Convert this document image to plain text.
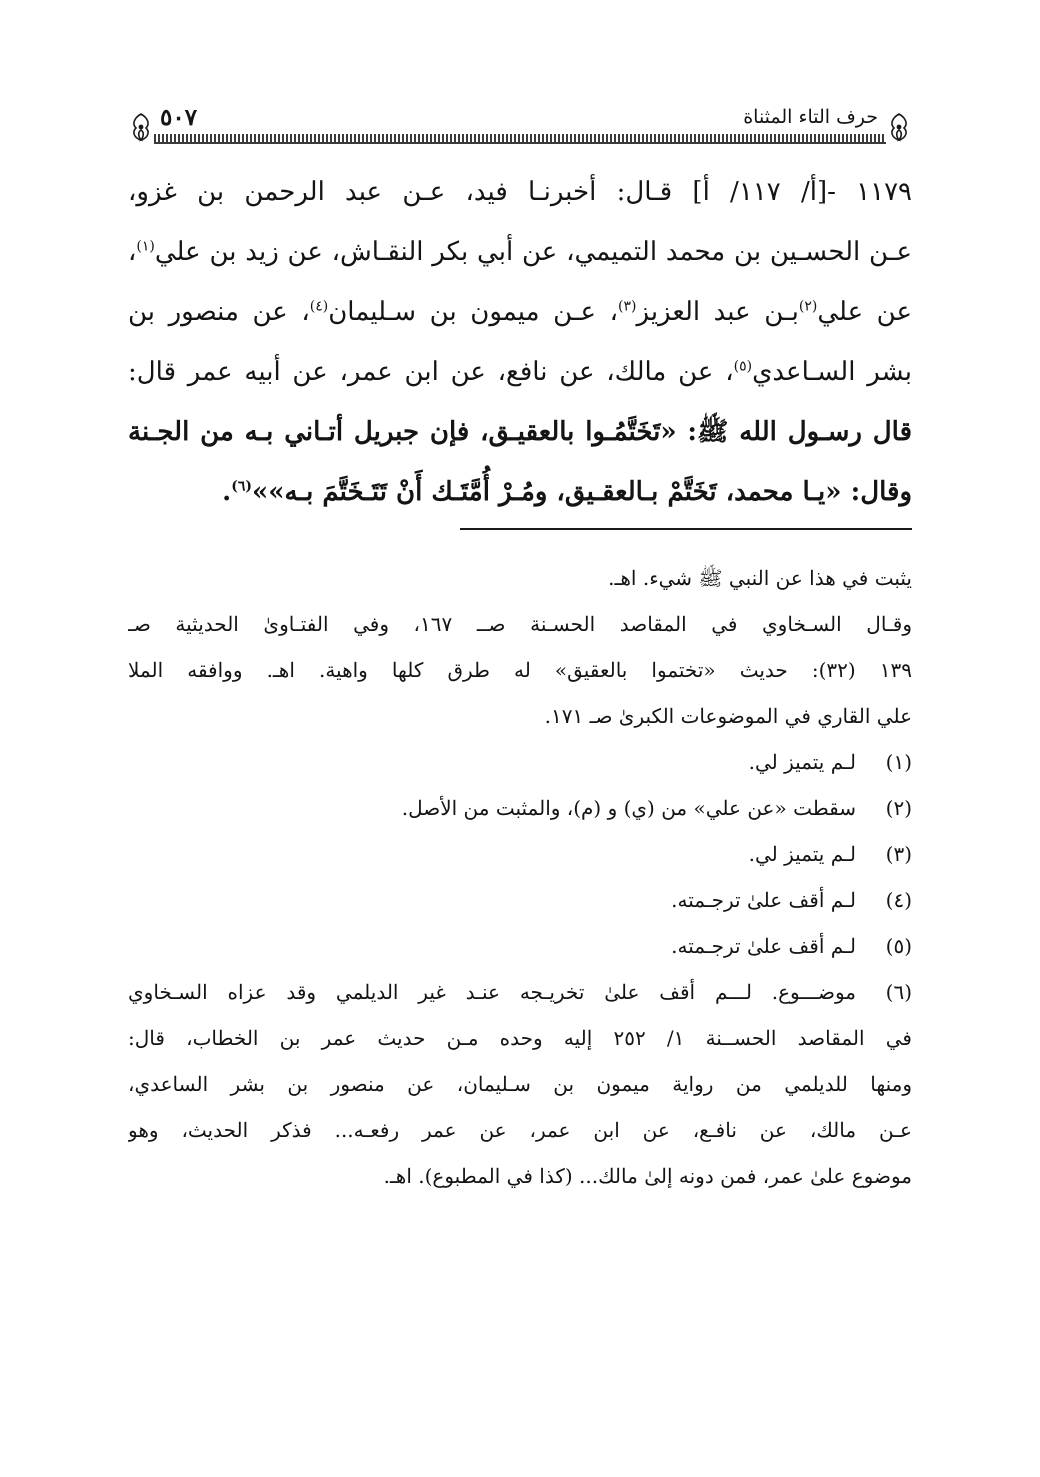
حرف التاء المثناة
٥٠٧
١١٧٩ -[أ/ ١١٧/ أ] قـال: أخبرنـا فيد، عـن عبد الرحمن بن غزو،
عـن الحسـين بن محمد التميمي، عن أبي بكر النقـاش، عن زيد بن علي$^{(١)}$،
عن علي$^{(٢)}$بـن عبد العزيز$^{(٣)}$، عـن ميمون بن سـليمان$^{(٤)}$، عن منصور بن
بشر السـاعدي$^{(٥)}$، عن مالك، عن نافع، عن ابن عمر، عن أبيه عمر قال:
قال رسـول الله ﷺ: «تَخَتَّمُـوا بالعقيـق، فإن جبريل أتـاني بـه من الجـنة
وقال: «يـا محمد، تَخَتَّمْ بـالعقـيق، ومُـرْ أُمَّتَـك أَنْ تَتَـخَتَّمَ بـه»»$^{(٦)}$.
يثبت في هذا عن النبي ﷺ شيء. اهـ.
وقـال السـخاوي في المقاصد الحسـنة صــ ١٦٧، وفي الفتـاوىٰ الحديثية صـ
١٣٩ (٣٢): حديث «تختموا بالعقيق» له طرق كلها واهية. اهـ. ووافقه الملا
علي القاري في الموضوعات الكبرىٰ صـ ١٧١.
(١)
لـم يتميز لي.
(٢)
سقطت «عن علي» من (ي) و (م)، والمثبت من الأصل.
(٣)
لـم يتميز لي.
(٤)
لـم أقف علىٰ ترجـمته.
(٥)
لـم أقف علىٰ ترجـمته.
(٦)
موضـــوع. لـــم أقف علىٰ تخريـجه عنـد غير الديلمي وقد عزاه السـخاوي
في المقاصد الحســنة ١/ ٢٥٢ إليه وحده مـن حديث عمر بن الخطاب، قال:
ومنها للديلمي من رواية ميمون بن سـليمان، عن منصور بن بشر الساعدي،
عـن مالك، عن نافـع، عن ابن عمر، عن عمر رفعـه... فذكر الحديث، وهو
موضوع علىٰ عمر، فمن دونه إلىٰ مالك... (كذا في المطبوع). اهـ.
